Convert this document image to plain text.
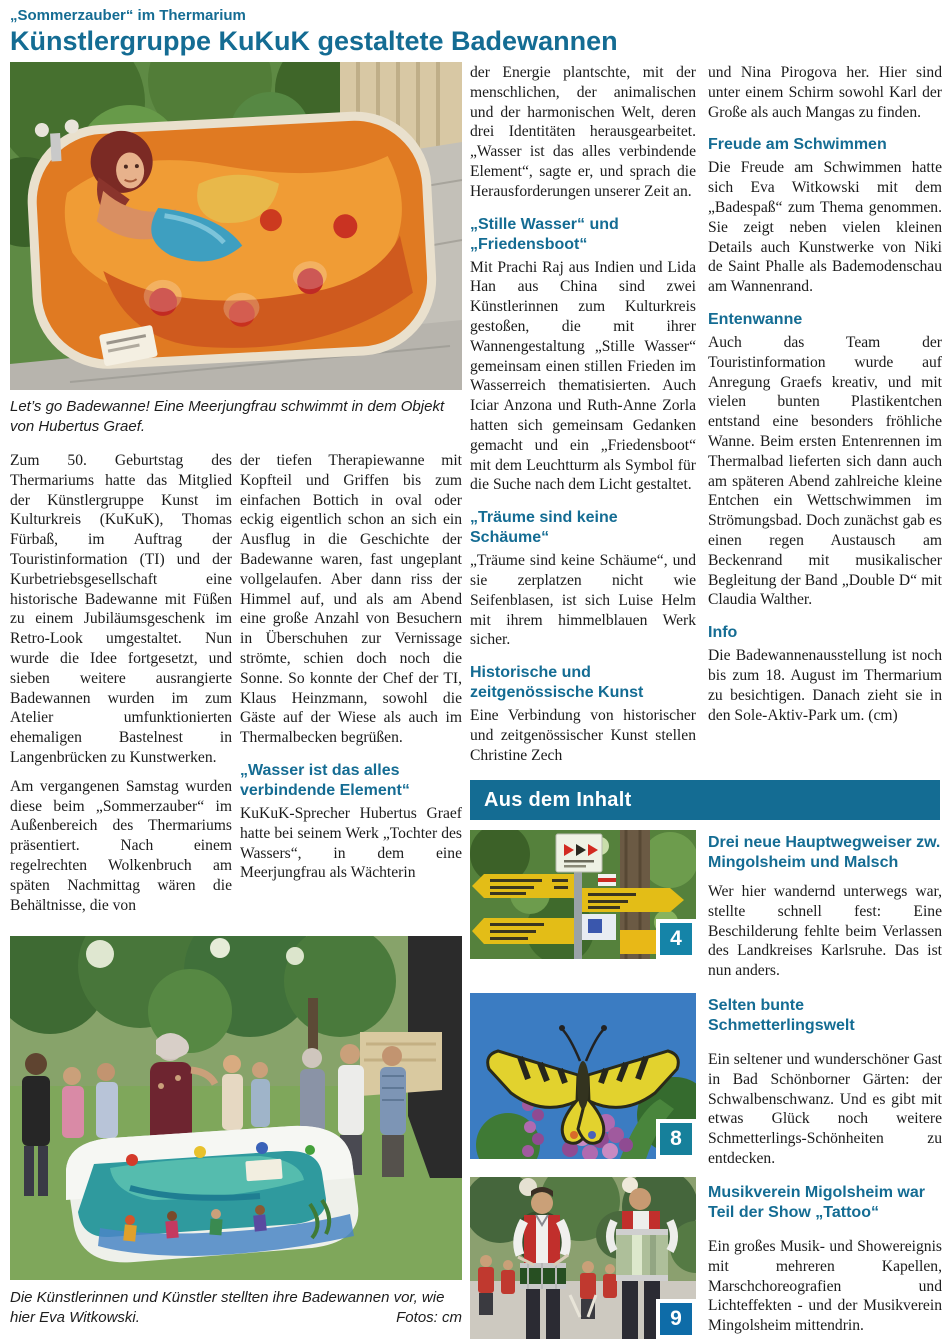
„Sommerzauber“ im Thermarium
Künstlergruppe KuKuK gestaltete Badewannen
Let’s go Badewanne! Eine Meerjungfrau schwimmt in dem Objekt von Hubertus Graef.

Zum 50. Geburtstag des Thermariums hatte das Mitglied der Künstlergruppe Kunst im Kulturkreis (KuKuK), Thomas Fürbaß, im Auftrag der Touristinformation (TI) und der Kurbetriebsgesellschaft eine historische Badewanne mit Füßen zu einem Jubiläumsgeschenk im Retro-Look umgestaltet. Nun wurde die Idee fortgesetzt, und sieben weitere ausrangierte Badewannen wurden im zum Atelier umfunktionierten ehemaligen Bastelnest in Langenbrücken zu Kunstwerken.

Am vergangenen Samstag wurden diese beim „Sommerzauber“ im Außenbereich des Thermariums präsentiert. Nach einem regelrechten Wolkenbruch am späten Nachmittag wären die Behältnisse, die von

der tiefen Therapiewanne mit Kopfteil und Griffen bis zum einfachen Bottich in oval oder eckig eigentlich schon an sich ein Ausflug in die Geschichte der Badewanne waren, fast ungeplant vollgelaufen. Aber dann riss der Himmel auf, und als am Abend eine große Anzahl von Besuchern in Überschuhen zur Vernissage strömte, schien doch noch die Sonne. So konnte der Chef der TI, Klaus Heinzmann, sowohl die Gäste auf der Wiese als auch im Thermalbecken begrüßen.

„Wasser ist das alles verbindende Element“

KuKuK-Sprecher Hubertus Graef hatte bei seinem Werk „Tochter des Wassers“, in dem eine Meerjungfrau als Wächterin

Die Künstlerinnen und Künstler stellten ihre Badewannen vor, wie hier Eva Witkowski.	Fotos: cm

der Energie plantschte, mit der menschlichen, der animalischen und der harmonischen Welt, deren drei Identitäten herausgearbeitet. „Wasser ist das alles verbindende Element“, sagte er, und sprach die Herausforderungen unserer Zeit an.

„Stille Wasser“ und „Friedensboot“

Mit Prachi Raj aus Indien und Lida Han aus China sind zwei Künstlerinnen zum Kulturkreis gestoßen, die mit ihrer Wannengestaltung „Stille Wasser“ gemeinsam einen stillen Frieden im Wasserreich thematisierten. Auch Iciar Anzona und Ruth-Anne Zorla hatten sich gemeinsam Gedanken gemacht und ein „Friedensboot“ mit dem Leuchtturm als Symbol für die Suche nach dem Licht gestaltet.

„Träume sind keine Schäume“

„Träume sind keine Schäume“, und sie zerplatzen nicht wie Seifenblasen, ist sich Luise Helm mit ihrem himmelblauen Werk sicher.

Historische und zeitgenössische Kunst

Eine Verbindung von historischer und zeitgenössischer Kunst stellen Christine Zech

und Nina Pirogova her. Hier sind unter einem Schirm sowohl Karl der Große als auch Mangas zu finden.

Freude am Schwimmen

Die Freude am Schwimmen hatte sich Eva Witkowski mit dem „Badespaß“ zum Thema genommen. Sie zeigt neben vielen kleinen Details auch Kunstwerke von Niki de Saint Phalle als Bademodenschau am Wannenrand.

Entenwanne

Auch das Team der Touristinformation wurde auf Anregung Graefs kreativ, und mit vielen bunten Plastikentchen entstand eine besonders fröhliche Wanne. Beim ersten Entenrennen im Thermalbad lieferten sich dann auch am späteren Abend zahlreiche kleine Entchen ein Wettschwimmen im Strömungsbad. Doch zunächst gab es einen regen Austausch am Beckenrand mit musikalischer Begleitung der Band „Double D“ mit Claudia Walther.

Info

Die Badewannenausstellung ist noch bis zum 18. August im Thermarium zu besichtigen. Danach zieht sie in den Sole-Aktiv-Park um. (cm)

Aus dem Inhalt
4
Drei neue Hauptwegweiser zw. Mingolsheim und Malsch

Wer hier wandernd unterwegs war, stellte schnell fest: Eine Beschilderung fehlte beim Verlassen des Landkreises Karlsruhe. Das ist nun anders.

8
Selten bunte Schmetterlingswelt

Ein seltener und wunderschöner Gast in Bad Schönborner Gärten: der Schwalbenschwanz. Und es gibt mit etwas Glück noch weitere Schmetterlings-Schönheiten zu entdecken.

9
Musikverein Migolsheim war Teil der Show „Tattoo“

Ein großes Musik- und Showereignis mit mehreren Kapellen, Marschchoreografien und Lichteffekten - und der Musikverein Mingolsheim mittendrin.
